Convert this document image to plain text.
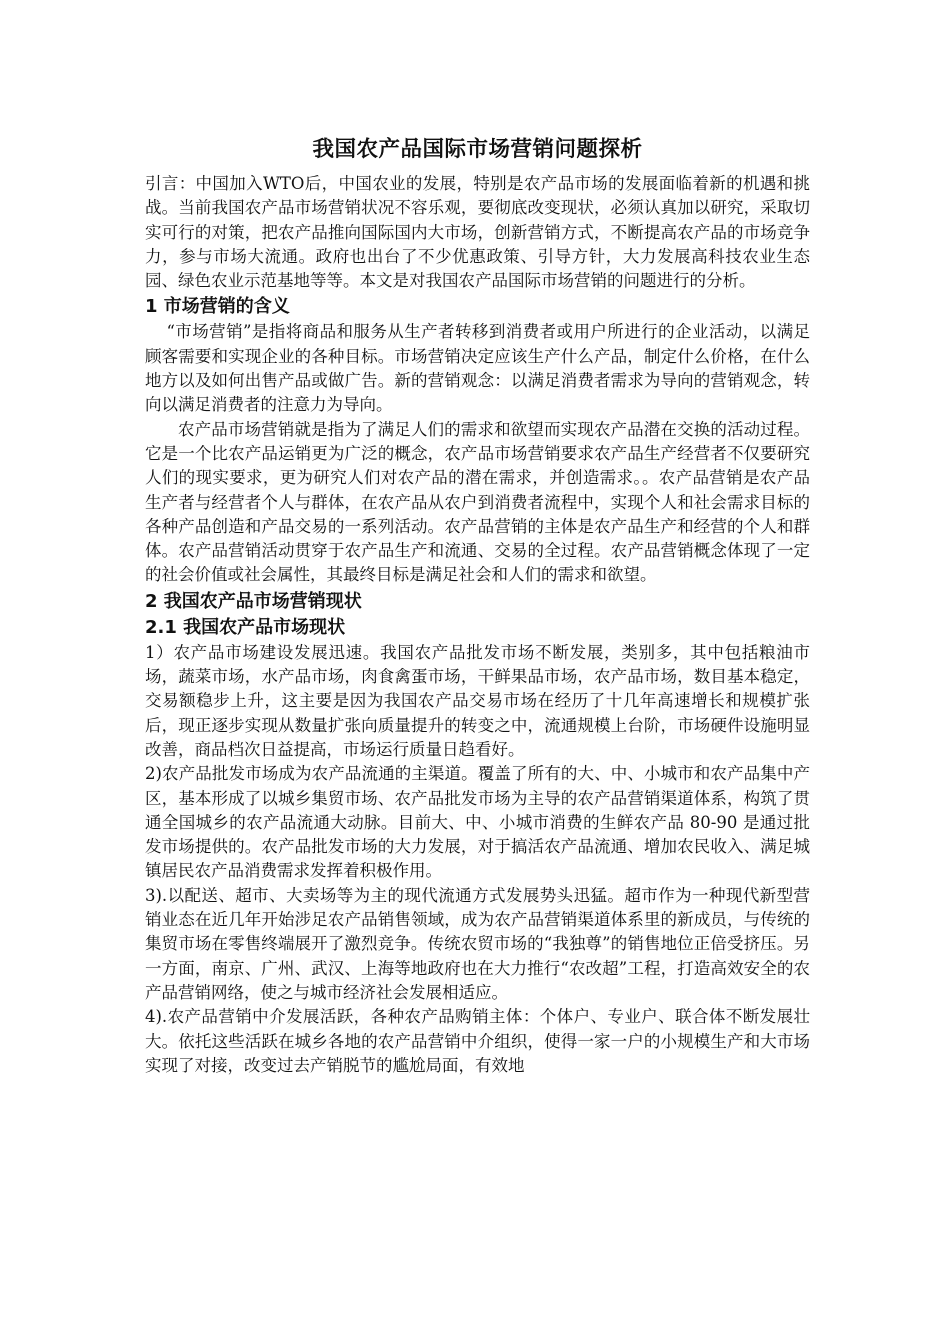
我国农产品国际市场营销问题探析

引言：中国加入WTO后，中国农业的发展，特别是农产品市场的发展面临着新的机遇和挑战。当前我国农产品市场营销状况不容乐观，要彻底改变现状，必须认真加以研究，采取切实可行的对策，把农产品推向国际国内大市场，创新营销方式，不断提高农产品的市场竞争力，参与市场大流通。政府也出台了不少优惠政策、引导方针，大力发展高科技农业生态园、绿色农业示范基地等等。本文是对我国农产品国际市场营销的问题进行的分析。

1 市场营销的含义

“市场营销”是指将商品和服务从生产者转移到消费者或用户所进行的企业活动，以满足顾客需要和实现企业的各种目标。市场营销决定应该生产什么产品，制定什么价格，在什么地方以及如何出售产品或做广告。新的营销观念：以满足消费者需求为导向的营销观念，转向以满足消费者的注意力为导向。

农产品市场营销就是指为了满足人们的需求和欲望而实现农产品潜在交换的活动过程。它是一个比农产品运销更为广泛的概念，农产品市场营销要求农产品生产经营者不仅要研究人们的现实要求，更为研究人们对农产品的潜在需求，并创造需求。。农产品营销是农产品生产者与经营者个人与群体，在农产品从农户到消费者流程中，实现个人和社会需求目标的各种产品创造和产品交易的一系列活动。农产品营销的主体是农产品生产和经营的个人和群体。农产品营销活动贯穿于农产品生产和流通、交易的全过程。农产品营销概念体现了一定的社会价值或社会属性，其最终目标是满足社会和人们的需求和欲望。

2 我国农产品市场营销现状
2.1 我国农产品市场现状

1）农产品市场建设发展迅速。我国农产品批发市场不断发展，类别多，其中包括粮油市场，蔬菜市场，水产品市场，肉食禽蛋市场，干鲜果品市场，农产品市场，数目基本稳定，交易额稳步上升，这主要是因为我国农产品交易市场在经历了十几年高速增长和规模扩张后，现正逐步实现从数量扩张向质量提升的转变之中，流通规模上台阶，市场硬件设施明显改善，商品档次日益提高，市场运行质量日趋看好。

2)农产品批发市场成为农产品流通的主渠道。覆盖了所有的大、中、小城市和农产品集中产区，基本形成了以城乡集贸市场、农产品批发市场为主导的农产品营销渠道体系，构筑了贯通全国城乡的农产品流通大动脉。目前大、中、小城市消费的生鲜农产品 80-90 是通过批发市场提供的。农产品批发市场的大力发展，对于搞活农产品流通、增加农民收入、满足城镇居民农产品消费需求发挥着积极作用。

3).以配送、超市、大卖场等为主的现代流通方式发展势头迅猛。超市作为一种现代新型营销业态在近几年开始涉足农产品销售领域，成为农产品营销渠道体系里的新成员，与传统的集贸市场在零售终端展开了激烈竞争。传统农贸市场的“我独尊”的销售地位正倍受挤压。另一方面，南京、广州、武汉、上海等地政府也在大力推行“农改超”工程，打造高效安全的农产品营销网络，使之与城市经济社会发展相适应。

4).农产品营销中介发展活跃，各种农产品购销主体：个体户、专业户、联合体不断发展壮大。依托这些活跃在城乡各地的农产品营销中介组织，使得一家一户的小规模生产和大市场实现了对接，改变过去产销脱节的尴尬局面，有效地
